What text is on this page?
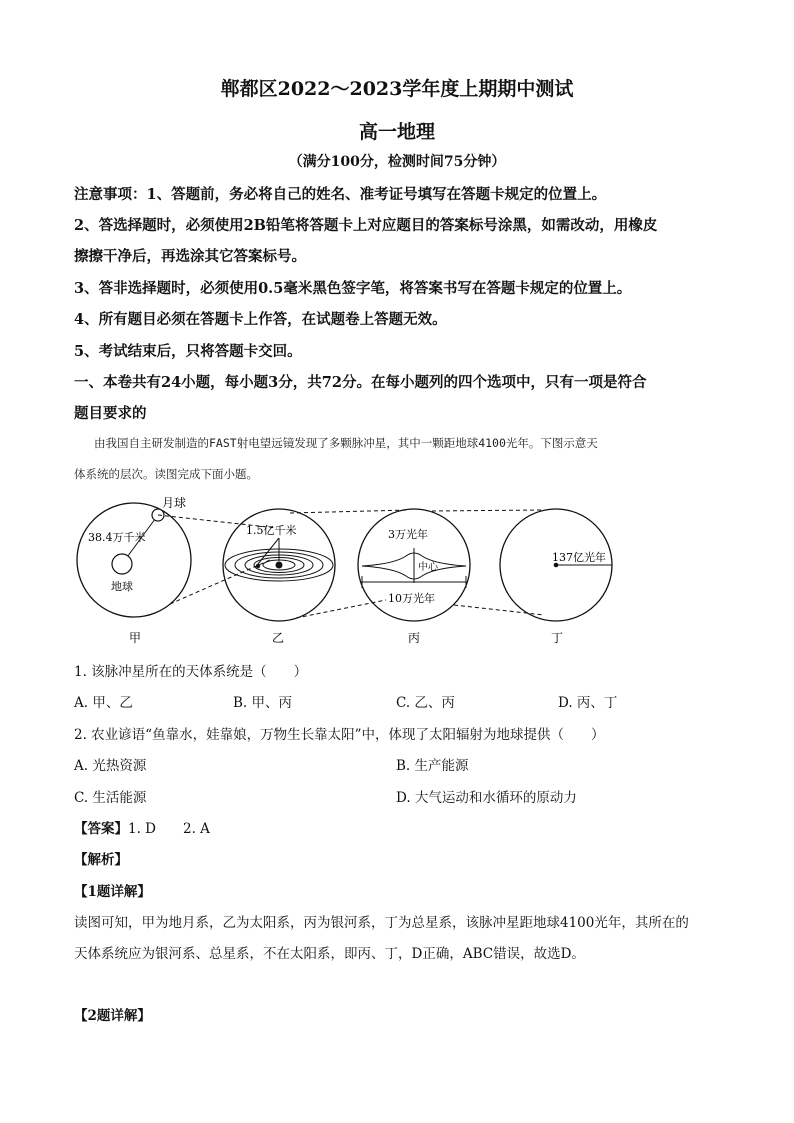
郸都区2022～2023学年度上期期中测试
高一地理
（满分100分，检测时间75分钟）
注意事项：1、答题前，务必将自己的姓名、准考证号填写在答题卡规定的位置上。
2、答选择题时，必须使用2B铅笔将答题卡上对应题目的答案标号涂黑，如需改动，用橡皮
擦擦干净后，再选涂其它答案标号。
3、答非选择题时，必须使用0.5毫米黑色签字笔，将答案书写在答题卡规定的位置上。
4、所有题目必须在答题卡上作答，在试题卷上答题无效。
5、考试结束后，只将答题卡交回。
一、本卷共有24小题，每小题3分，共72分。在每小题列的四个选项中，只有一项是符合
题目要求的
由我国自主研发制造的FAST射电望远镜发现了多颗脉冲星，其中一颗距地球4100光年。下图示意天
体系统的层次。读图完成下面小题。
月球
38.4万千米
地球
甲
1.5亿千米
乙
3万光年
中心
10万光年
丙
137亿光年
丁
1. 该脉冲星所在的天体系统是（　　）
A. 甲、乙	B. 甲、丙	C. 乙、丙	D. 丙、丁
2. 农业谚语“鱼靠水，娃靠娘，万物生长靠太阳”中，体现了太阳辐射为地球提供（　　）
A. 光热资源	B. 生产能源
C. 生活能源	D. 大气运动和水循环的原动力
【答案】1. D　　2. A
【解析】
【1题详解】
读图可知，甲为地月系，乙为太阳系，丙为银河系，丁为总星系，该脉冲星距地球4100光年，其所在的
天体系统应为银河系、总星系，不在太阳系，即丙、丁，D正确，ABC错误，故选D。
【2题详解】
